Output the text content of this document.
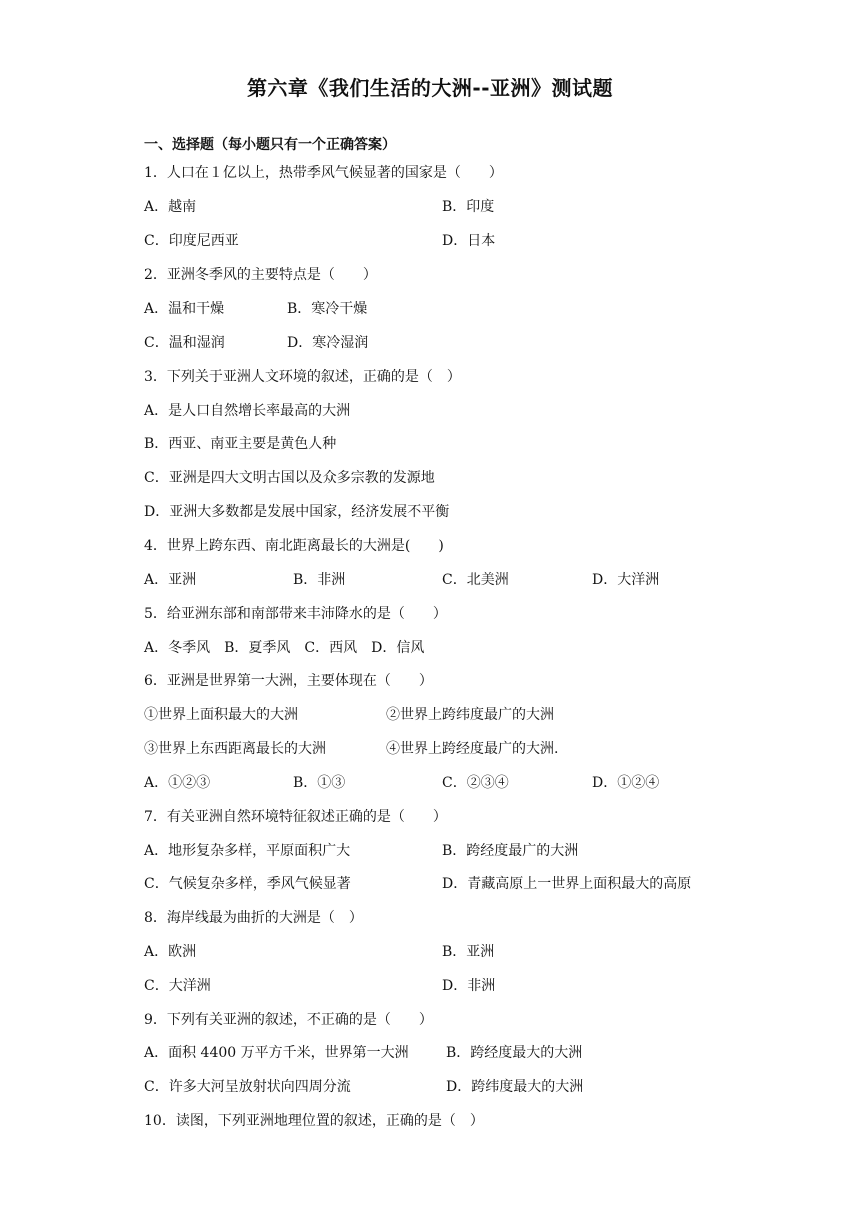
第六章《我们生活的大洲--亚洲》测试题
一、选择题（每小题只有一个正确答案）
1．人口在１亿以上，热带季风气候显著的国家是（　　）
A．越南	B．印度
C．印度尼西亚	D．日本
2．亚洲冬季风的主要特点是（　　）
A．温和干燥	B．寒冷干燥
C．温和湿润	D．寒冷湿润
3．下列关于亚洲人文环境的叙述，正确的是（　）
A．是人口自然增长率最高的大洲
B．西亚、南亚主要是黄色人种
C．亚洲是四大文明古国以及众多宗教的发源地
D．亚洲大多数都是发展中国家，经济发展不平衡
4．世界上跨东西、南北距离最长的大洲是(　　)
A．亚洲	B．非洲	C．北美洲	D．大洋洲
5．给亚洲东部和南部带来丰沛降水的是（　　）
A．冬季风　B．夏季风　C．西风　D．信风
6．亚洲是世界第一大洲，主要体现在（　　）
①世界上面积最大的大洲	②世界上跨纬度最广的大洲
③世界上东西距离最长的大洲	④世界上跨经度最广的大洲.
A．①②③	B．①③	C．②③④	D．①②④
7．有关亚洲自然环境特征叙述正确的是（　　）
A．地形复杂多样，平原面积广大	B．跨经度最广的大洲
C．气候复杂多样，季风气候显著	D．青藏高原上一世界上面积最大的高原
8．海岸线最为曲折的大洲是（　）
A．欧洲	B．亚洲
C．大洋洲	D．非洲
9．下列有关亚洲的叙述，不正确的是（　　）
A．面积 4400 万平方千米，世界第一大洲	B．跨经度最大的大洲
C．许多大河呈放射状向四周分流	D．跨纬度最大的大洲
10．读图，下列亚洲地理位置的叙述，正确的是（　）
